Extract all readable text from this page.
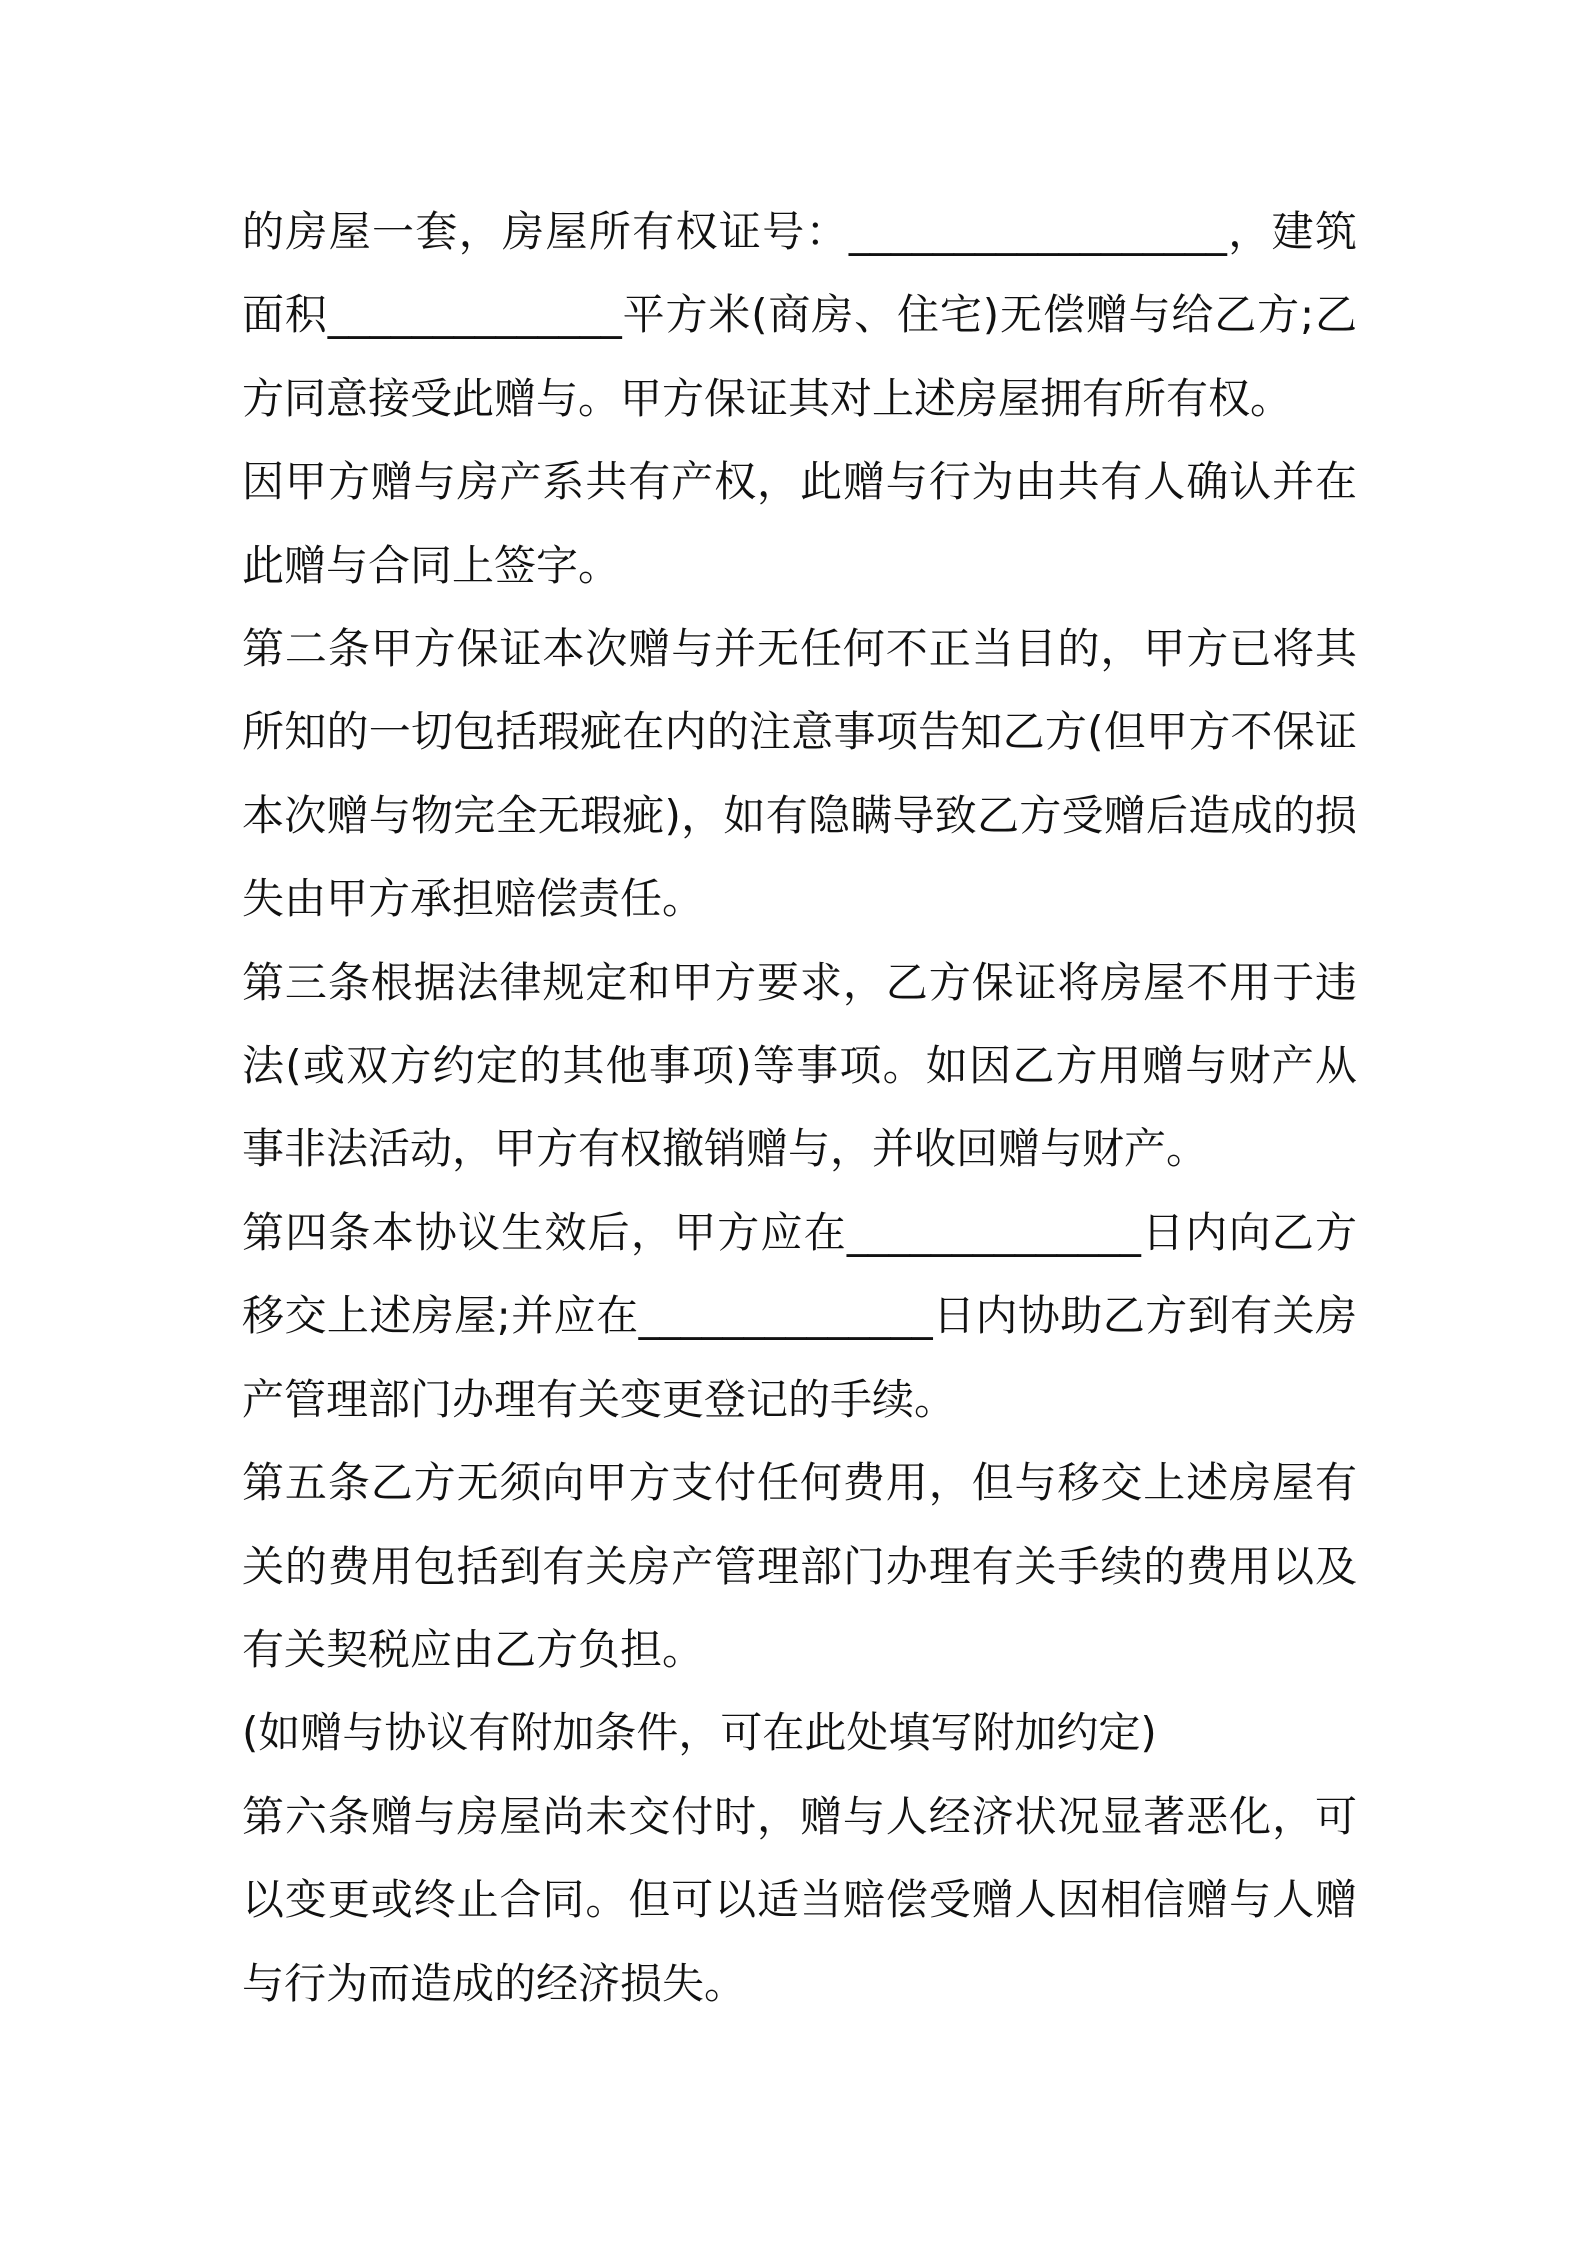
的房屋一套，房屋所有权证号：__________________，建筑面积______________平方米(商房、住宅)无偿赠与给乙方;乙方同意接受此赠与。甲方保证其对上述房屋拥有所有权。

因甲方赠与房产系共有产权，此赠与行为由共有人确认并在此赠与合同上签字。

第二条甲方保证本次赠与并无任何不正当目的，甲方已将其所知的一切包括瑕疵在内的注意事项告知乙方(但甲方不保证本次赠与物完全无瑕疵)，如有隐瞒导致乙方受赠后造成的损失由甲方承担赔偿责任。

第三条根据法律规定和甲方要求，乙方保证将房屋不用于违法(或双方约定的其他事项)等事项。如因乙方用赠与财产从事非法活动，甲方有权撤销赠与，并收回赠与财产。

第四条本协议生效后，甲方应在______________日内向乙方移交上述房屋;并应在______________日内协助乙方到有关房产管理部门办理有关变更登记的手续。

第五条乙方无须向甲方支付任何费用，但与移交上述房屋有关的费用包括到有关房产管理部门办理有关手续的费用以及有关契税应由乙方负担。

(如赠与协议有附加条件，可在此处填写附加约定)

第六条赠与房屋尚未交付时，赠与人经济状况显著恶化，可以变更或终止合同。但可以适当赔偿受赠人因相信赠与人赠与行为而造成的经济损失。
